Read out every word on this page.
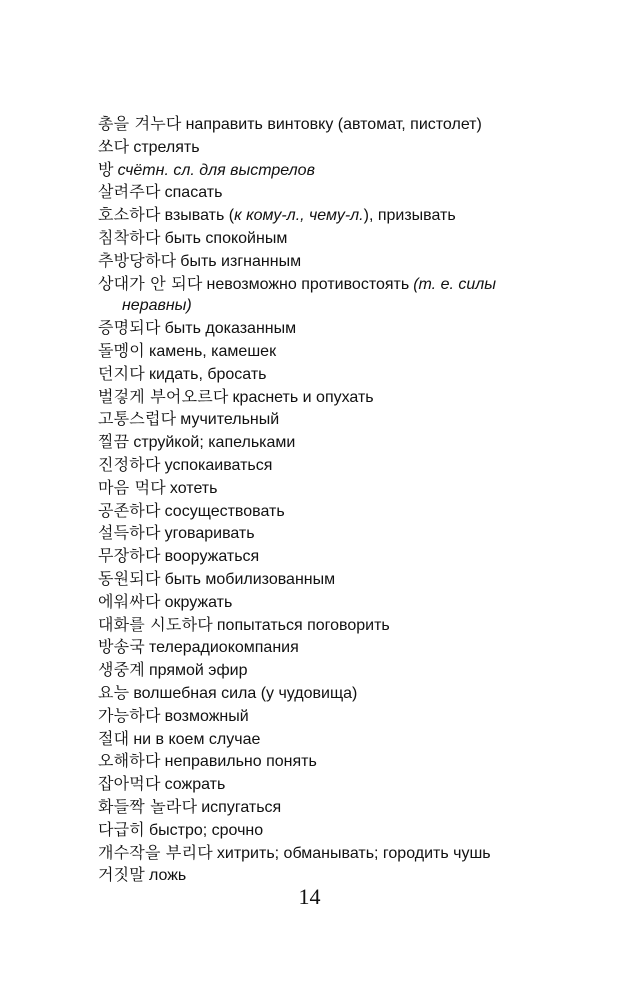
총을 겨누다 направить винтовку (автомат, пистолет)
쏘다 стрелять
방 счётн. сл. для выстрелов
살려주다 спасать
호소하다 взывать (к кому-л., чему-л.), призывать
침착하다 быть спокойным
추방당하다 быть изгнанным
상대가 안 되다 невозможно противостоять (т. е. силы неравны)
증명되다 быть доказанным
돌멩이 камень, камешек
던지다 кидать, бросать
벌겋게 부어오르다 краснеть и опухать
고통스럽다 мучительный
찔끔 струйкой; капельками
진정하다 успокаиваться
마음 먹다 хотеть
공존하다 сосуществовать
설득하다 уговаривать
무장하다 вооружаться
동원되다 быть мобилизованным
에워싸다 окружать
대화를 시도하다 попытаться поговорить
방송국 телерадиокомпания
생중계 прямой эфир
요능 волшебная сила (у чудовища)
가능하다 возможный
절대 ни в коем случае
오해하다 неправильно понять
잡아먹다 сожрать
화들짝 놀라다 испугаться
다급히 быстро; срочно
개수작을 부리다 хитрить; обманывать; городить чушь
거짓말 ложь
14
